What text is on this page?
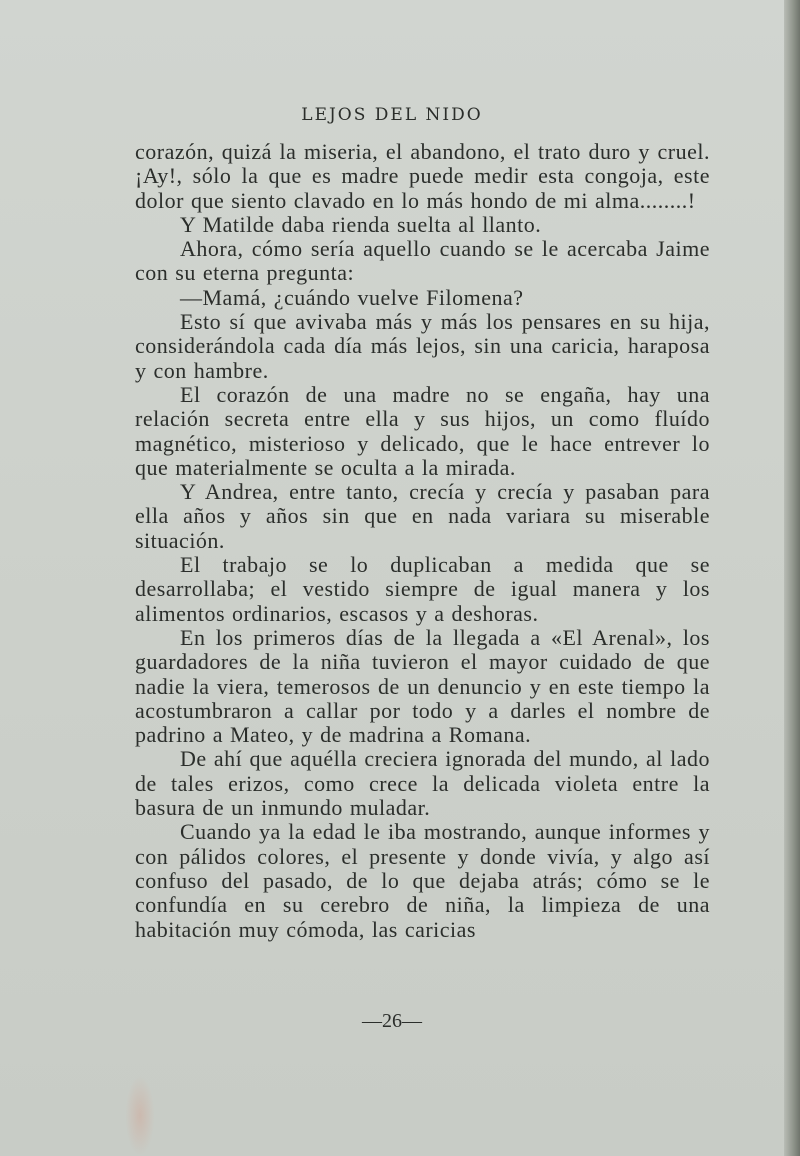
LEJOS DEL NIDO

corazón, quizá la miseria, el abandono, el trato duro y cruel. ¡Ay!, sólo la que es madre puede medir esta congoja, este dolor que siento clavado en lo más hondo de mi alma........!

Y Matilde daba rienda suelta al llanto.

Ahora, cómo sería aquello cuando se le acercaba Jaime con su eterna pregunta:

—Mamá, ¿cuándo vuelve Filomena?

Esto sí que avivaba más y más los pensares en su hija, considerándola cada día más lejos, sin una caricia, haraposa y con hambre.

El corazón de una madre no se engaña, hay una relación secreta entre ella y sus hijos, un como fluído magnético, misterioso y delicado, que le hace entrever lo que materialmente se oculta a la mirada.

Y Andrea, entre tanto, crecía y crecía y pasaban para ella años y años sin que en nada variara su miserable situación.

El trabajo se lo duplicaban a medida que se desarrollaba; el vestido siempre de igual manera y los alimentos ordinarios, escasos y a deshoras.

En los primeros días de la llegada a «El Arenal», los guardadores de la niña tuvieron el mayor cuidado de que nadie la viera, temerosos de un denuncio y en este tiempo la acostumbraron a callar por todo y a darles el nombre de padrino a Mateo, y de madrina a Romana.

De ahí que aquélla creciera ignorada del mundo, al lado de tales erizos, como crece la delicada violeta entre la basura de un inmundo muladar.

Cuando ya la edad le iba mostrando, aunque informes y con pálidos colores, el presente y donde vivía, y algo así confuso del pasado, de lo que dejaba atrás; cómo se le confundía en su cerebro de niña, la limpieza de una habitación muy cómoda, las caricias

—26—
